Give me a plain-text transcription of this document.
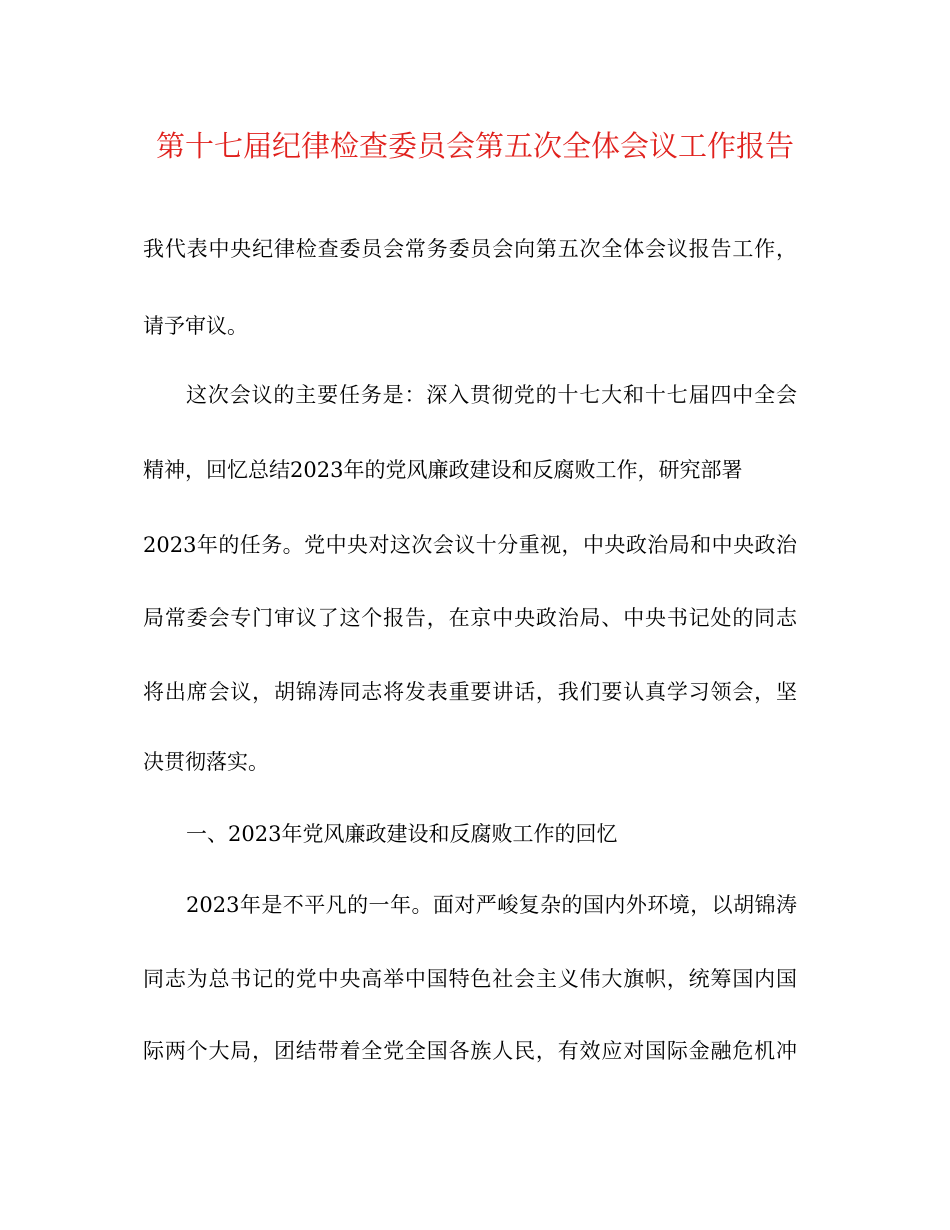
第十七届纪律检查委员会第五次全体会议工作报告
我代表中央纪律检查委员会常务委员会向第五次全体会议报告工作，
请予审议。
这次会议的主要任务是：深入贯彻党的十七大和十七届四中全会
精神，回忆总结2023年的党风廉政建设和反腐败工作，研究部署
2023年的任务。党中央对这次会议十分重视，中央政治局和中央政治
局常委会专门审议了这个报告，在京中央政治局、中央书记处的同志
将出席会议，胡锦涛同志将发表重要讲话，我们要认真学习领会，坚
决贯彻落实。
一、2023年党风廉政建设和反腐败工作的回忆
2023年是不平凡的一年。面对严峻复杂的国内外环境，以胡锦涛
同志为总书记的党中央高举中国特色社会主义伟大旗帜，统筹国内国
际两个大局，团结带着全党全国各族人民，有效应对国际金融危机冲
